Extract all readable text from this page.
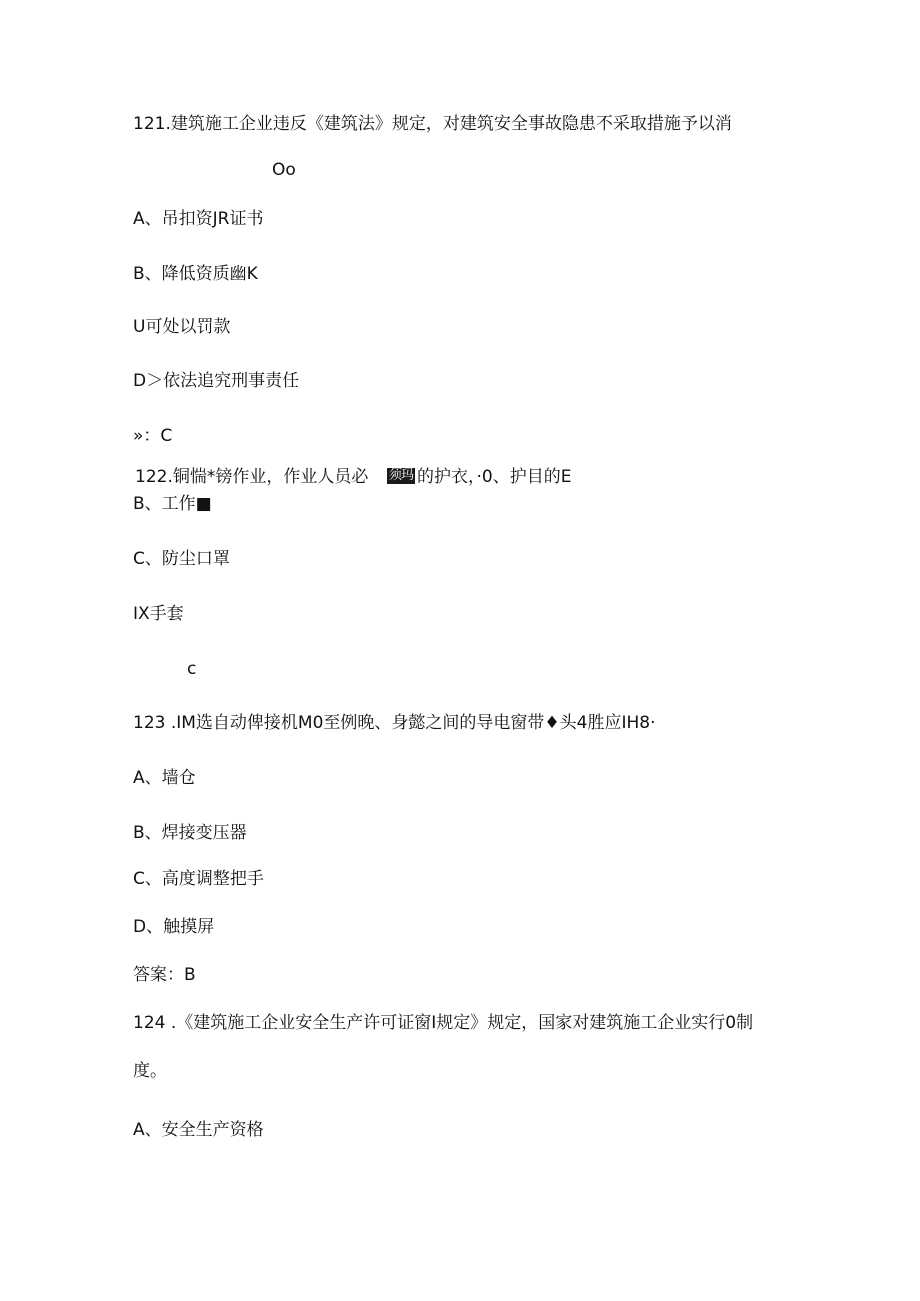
121.建筑施工企业违反《建筑法》规定，对建筑安全事故隐患不采取措施予以消
Oo
A、吊扣资JR证书
B、降低资质幽K
U可处以罚款
D＞依法追究刑事责任
»：C
122.铜惴*镑作业，作业人员必 须玛 的护衣，·0、护目的E
B、工作■
C、防尘口罩
IX手套
c
123 .IM选自动俾接机M0至例晚、身懿之间的导电窗带♦头4胜应IH8·
A、墙仓
B、焊接变压器
C、高度调整把手
D、触摸屏
答案：B
124 .《建筑施工企业安全生产许可证窗I规定》规定，国家对建筑施工企业实行0制
度。
A、安全生产资格
